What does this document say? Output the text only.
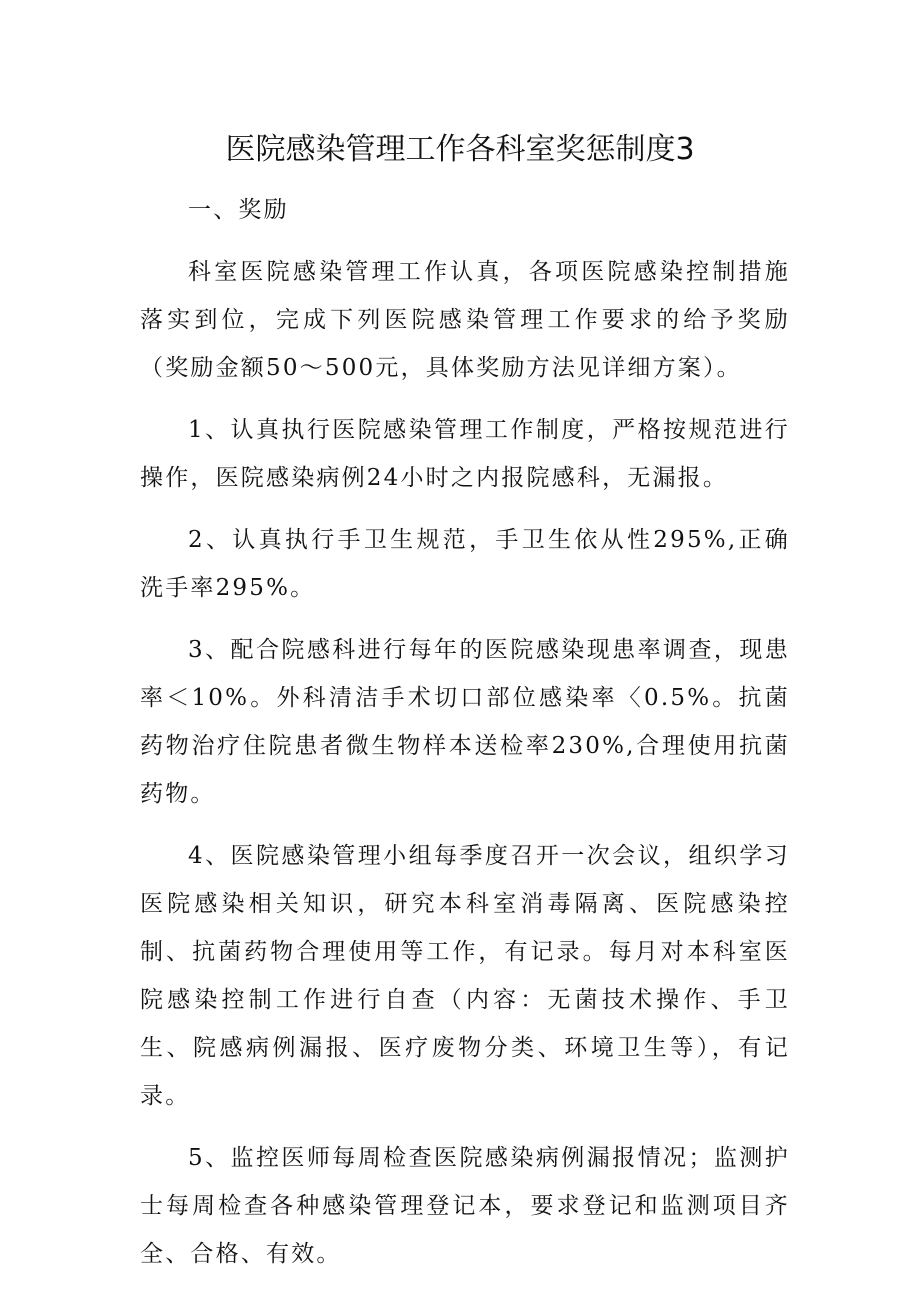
医院感染管理工作各科室奖惩制度3

一、奖励

科室医院感染管理工作认真，各项医院感染控制措施落实到位，完成下列医院感染管理工作要求的给予奖励（奖励金额50～500元，具体奖励方法见详细方案）。

1、认真执行医院感染管理工作制度，严格按规范进行操作，医院感染病例24小时之内报院感科，无漏报。

2、认真执行手卫生规范，手卫生依从性295%,正确洗手率295%。

3、配合院感科进行每年的医院感染现患率调查，现患率＜10%。外科清洁手术切口部位感染率〈0.5%。抗菌药物治疗住院患者微生物样本送检率230%,合理使用抗菌药物。

4、医院感染管理小组每季度召开一次会议，组织学习医院感染相关知识，研究本科室消毒隔离、医院感染控制、抗菌药物合理使用等工作，有记录。每月对本科室医院感染控制工作进行自查（内容：无菌技术操作、手卫生、院感病例漏报、医疗废物分类、环境卫生等），有记录。

5、监控医师每周检查医院感染病例漏报情况；监测护士每周检查各种感染管理登记本，要求登记和监测项目齐全、合格、有效。
